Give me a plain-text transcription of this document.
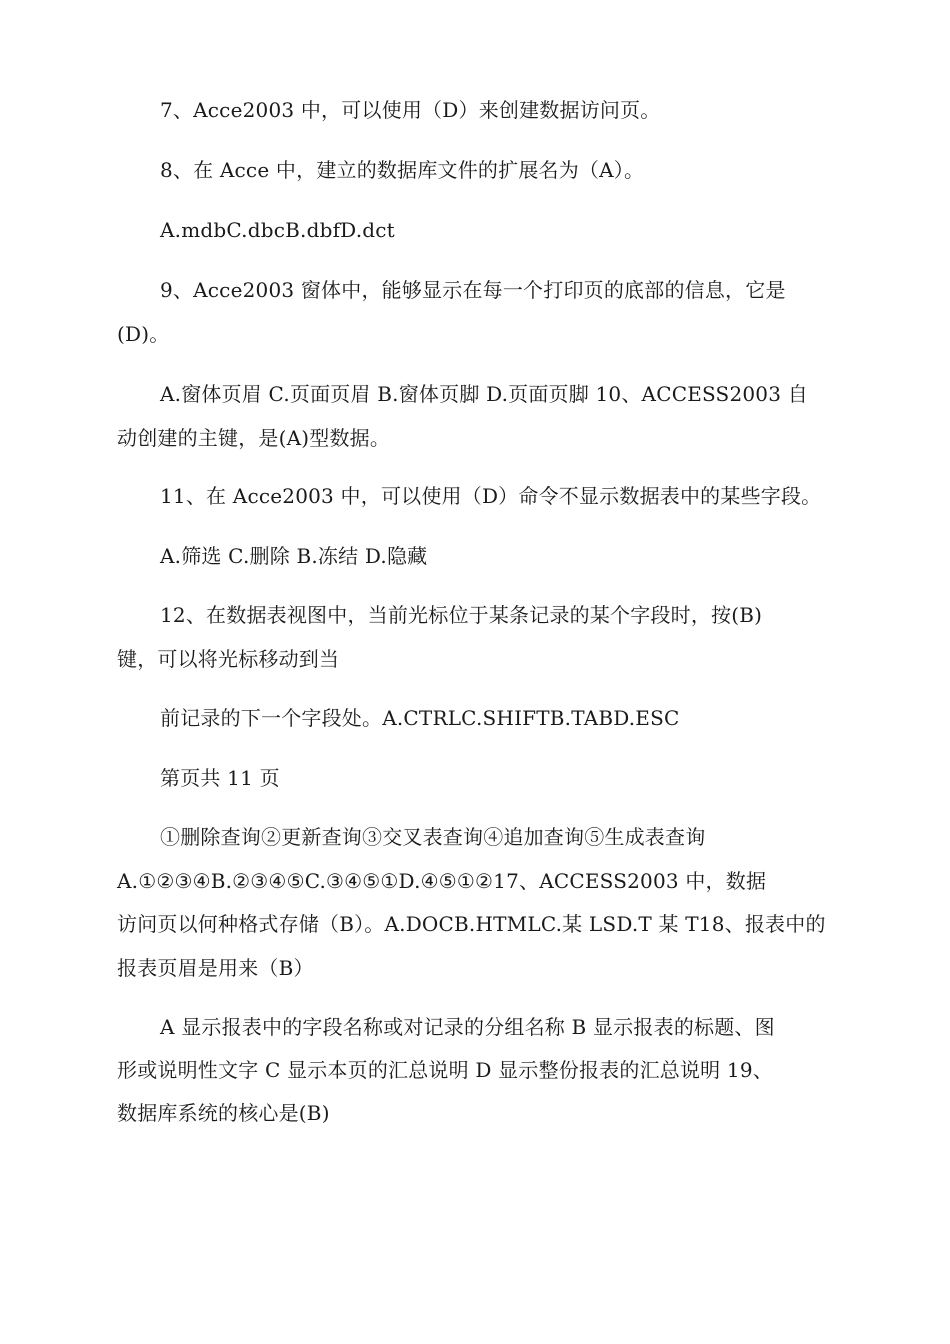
7、Acce2003 中，可以使用（D）来创建数据访问页。
8、在 Acce 中，建立的数据库文件的扩展名为（A）。
A.mdbC.dbcB.dbfD.dct
9、Acce2003 窗体中，能够显示在每一个打印页的底部的信息，它是
(D)。
A.窗体页眉 C.页面页眉 B.窗体页脚 D.页面页脚 10、ACCESS2003 自
动创建的主键，是(A)型数据。
11、在 Acce2003 中，可以使用（D）命令不显示数据表中的某些字段。
A.筛选 C.删除 B.冻结 D.隐藏
12、在数据表视图中，当前光标位于某条记录的某个字段时，按(B)
键，可以将光标移动到当
前记录的下一个字段处。A.CTRLC.SHIFTB.TABD.ESC
第页共 11 页
①删除查询②更新查询③交叉表查询④追加查询⑤生成表查询
A.①②③④B.②③④⑤C.③④⑤①D.④⑤①②17、ACCESS2003 中，数据
访问页以何种格式存储（B）。A.DOCB.HTMLC.某 LSD.T 某 T18、报表中的
报表页眉是用来（B）
A 显示报表中的字段名称或对记录的分组名称 B 显示报表的标题、图
形或说明性文字 C 显示本页的汇总说明 D 显示整份报表的汇总说明 19、
数据库系统的核心是(B)
